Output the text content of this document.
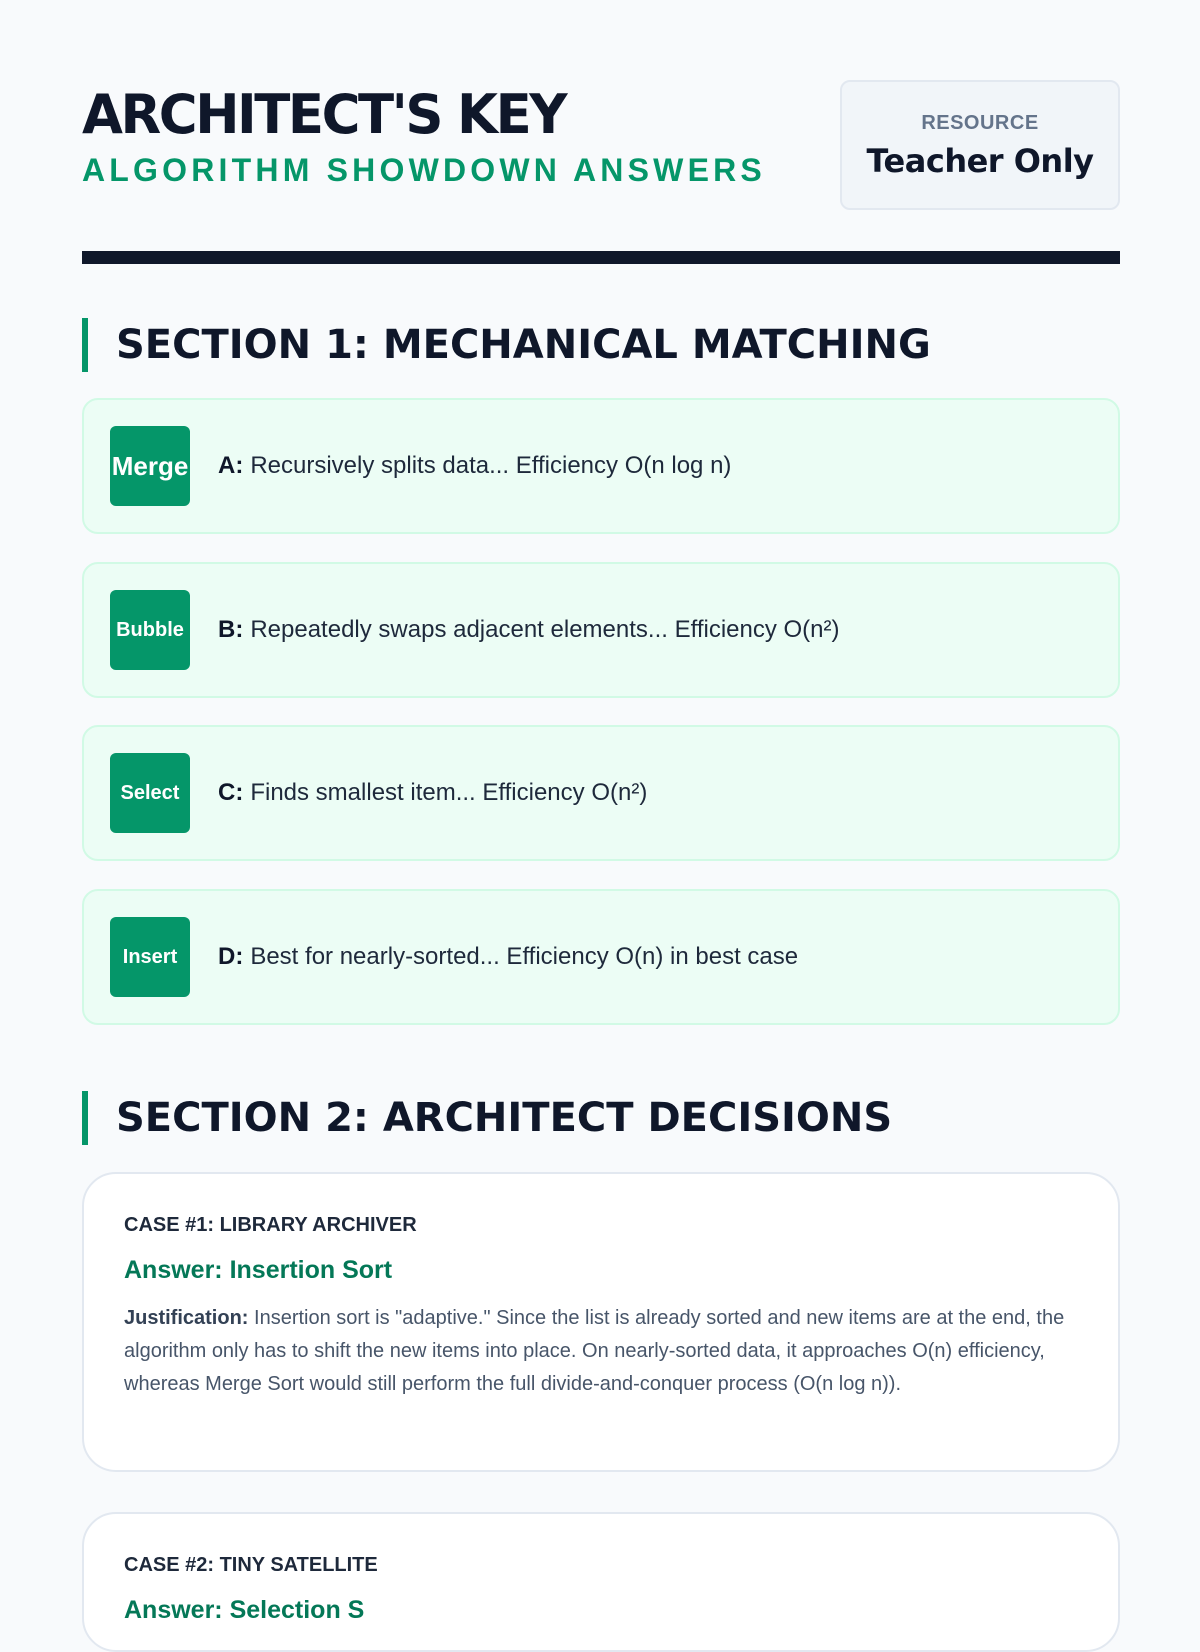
ARCHITECT'S KEY
ALGORITHM SHOWDOWN ANSWERS
RESOURCE
Teacher Only
SECTION 1: MECHANICAL MATCHING
Merge A: Recursively splits data... Efficiency O(n log n)
Bubble B: Repeatedly swaps adjacent elements... Efficiency O(n²)
Select	C: Finds smallest item... Efficiency O(n²)
Insert	D: Best for nearly-sorted... Efficiency O(n) in best case
SECTION 2: ARCHITECT DECISIONS
CASE #1: LIBRARY ARCHIVER
Answer: Insertion Sort
Justification: Insertion sort is "adaptive." Since the list is already sorted and new items are at the end, the algorithm only has to shift the new items into place. On nearly-sorted data, it approaches O(n) efficiency, whereas Merge Sort would still perform the full divide-and-conquer process (O(n log n)).
CASE #2: TINY SATELLITE
Answer: Selection S
